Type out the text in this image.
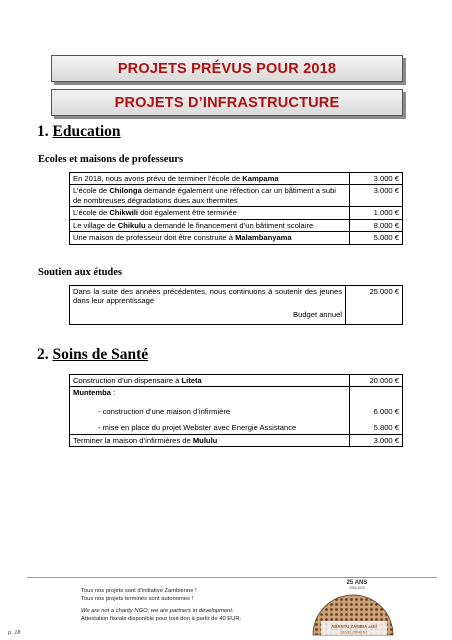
PROJETS PRÉVUS POUR 2018
PROJETS D’INFRASTRUCTURE
1. Education
Ecoles et maisons de professeurs
En 2018, nous avons prévu de terminer l’école de Kampama	3.000 €
L’école de Chilonga demande également une réfection car un bâtiment a subi de nombreuses dégradations dues aux thermites	3.000 €
L’école de Chikwili doit également être terminée	1.000 €
Le village de Chikulu a demandé le financement d’un bâtiment scolaire	8.000 €
Une maison de professeur doit être construite à Malambanyama	5.000 €
Soutien aux études
Dans la suite des années précédentes, nous continuons à soutenir des jeunes dans leur apprentissage
Budget annuel
	25.000 €
2. Soins de Santé
Construction d’un dispensaire à Liteta	20.000 €
Muntemba :	
- construction d’une maison d’infirmière	6.000 €
- mise en place du projet Webster avec Energie Assistance	5.800 €
Terminer la maison d’infirmières de Mululu	3.000 €
Tous nos projets sont d’initiative Zambienne !
Tous nos projets terminés sont autonomes !
We are not a charity NGO, we are partners in development.
Attestation fiscale disponible pour tout don à partir de 40 EUR.
p. 18
25 ANS
1994-2019
ABANTU ZAMBIA asbl
DEVELOPMENT
